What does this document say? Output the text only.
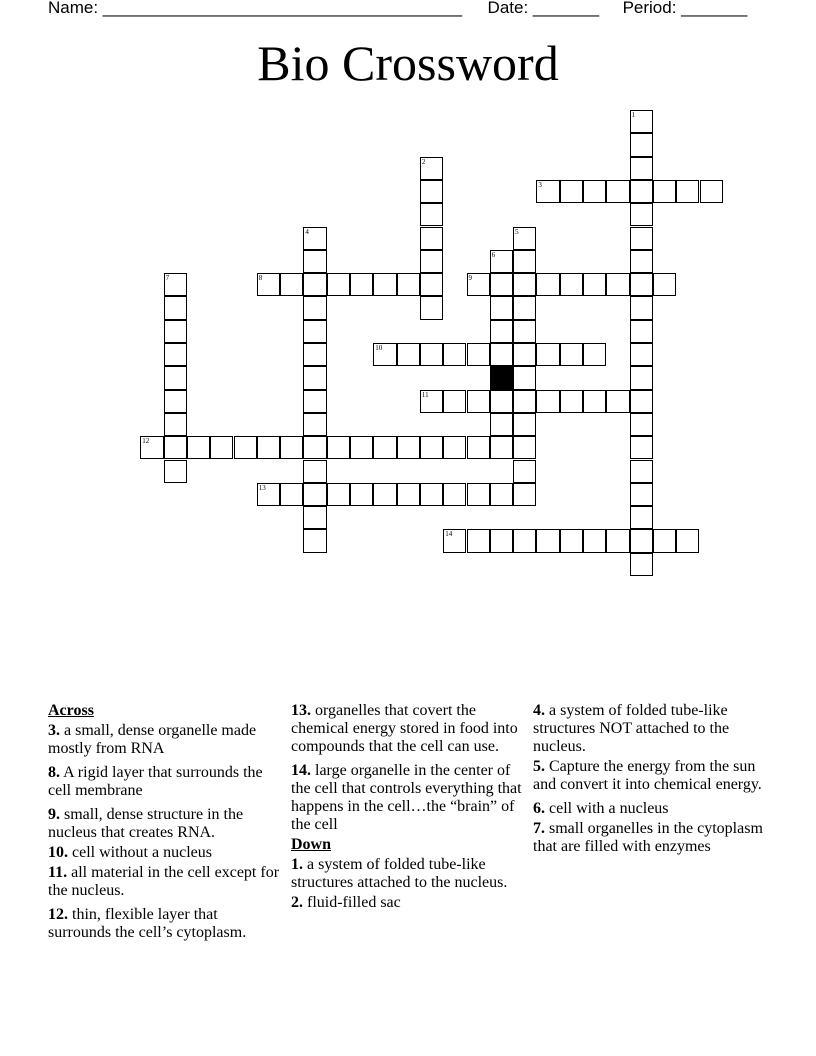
Name: ______________________________________ Date: _______ Period: _______
Bio Crossword
1
2
3
4	5
6
7	8	9
10
11
12
13
14
Across
3. a small, dense organelle made mostly from RNA
8. A rigid layer that surrounds the cell membrane
9. small, dense structure in the nucleus that creates RNA.
10. cell without a nucleus
11. all material in the cell except for the nucleus.
12. thin, flexible layer that surrounds the cell’s cytoplasm.
13. organelles that covert the chemical energy stored in food into compounds that the cell can use.
14. large organelle in the center of the cell that controls everything that happens in the cell…the “brain” of the cell
Down
1. a system of folded tube-like structures attached to the nucleus.
2. fluid-filled sac
4. a system of folded tube-like structures NOT attached to the nucleus.
5. Capture the energy from the sun and convert it into chemical energy.
6. cell with a nucleus
7. small organelles in the cytoplasm that are filled with enzymes
